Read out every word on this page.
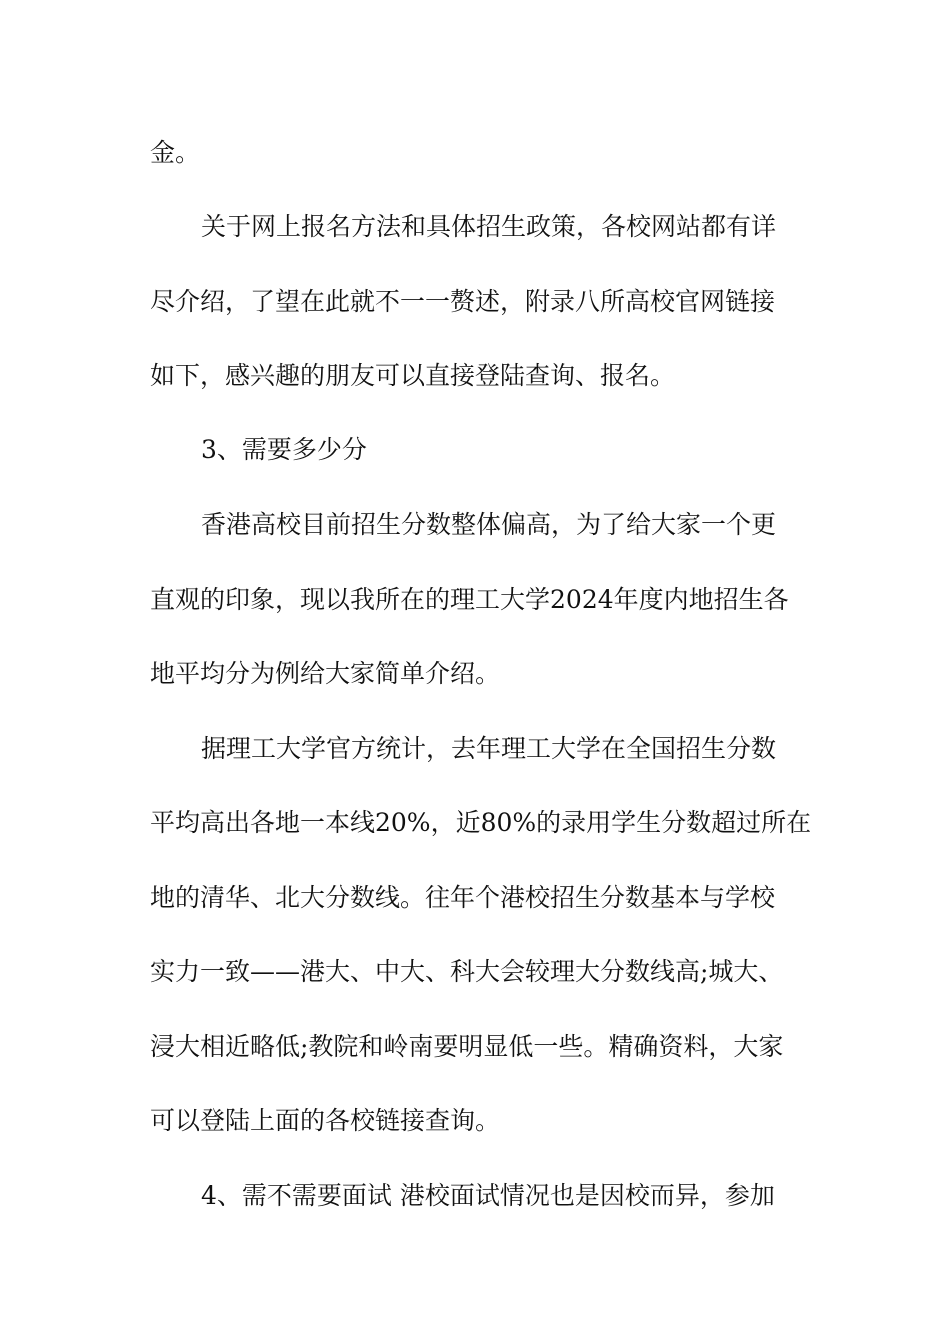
金。

关于网上报名方法和具体招生政策，各校网站都有详

尽介绍，了望在此就不一一赘述，附录八所高校官网链接

如下，感兴趣的朋友可以直接登陆查询、报名。

3、需要多少分

香港高校目前招生分数整体偏高，为了给大家一个更

直观的印象，现以我所在的理工大学2024年度内地招生各

地平均分为例给大家简单介绍。

据理工大学官方统计，去年理工大学在全国招生分数

平均高出各地一本线20%，近80%的录用学生分数超过所在

地的清华、北大分数线。往年个港校招生分数基本与学校

实力一致——港大、中大、科大会较理大分数线高;城大、

浸大相近略低;教院和岭南要明显低一些。精确资料，大家

可以登陆上面的各校链接查询。

4、需不需要面试 港校面试情况也是因校而异，参加
